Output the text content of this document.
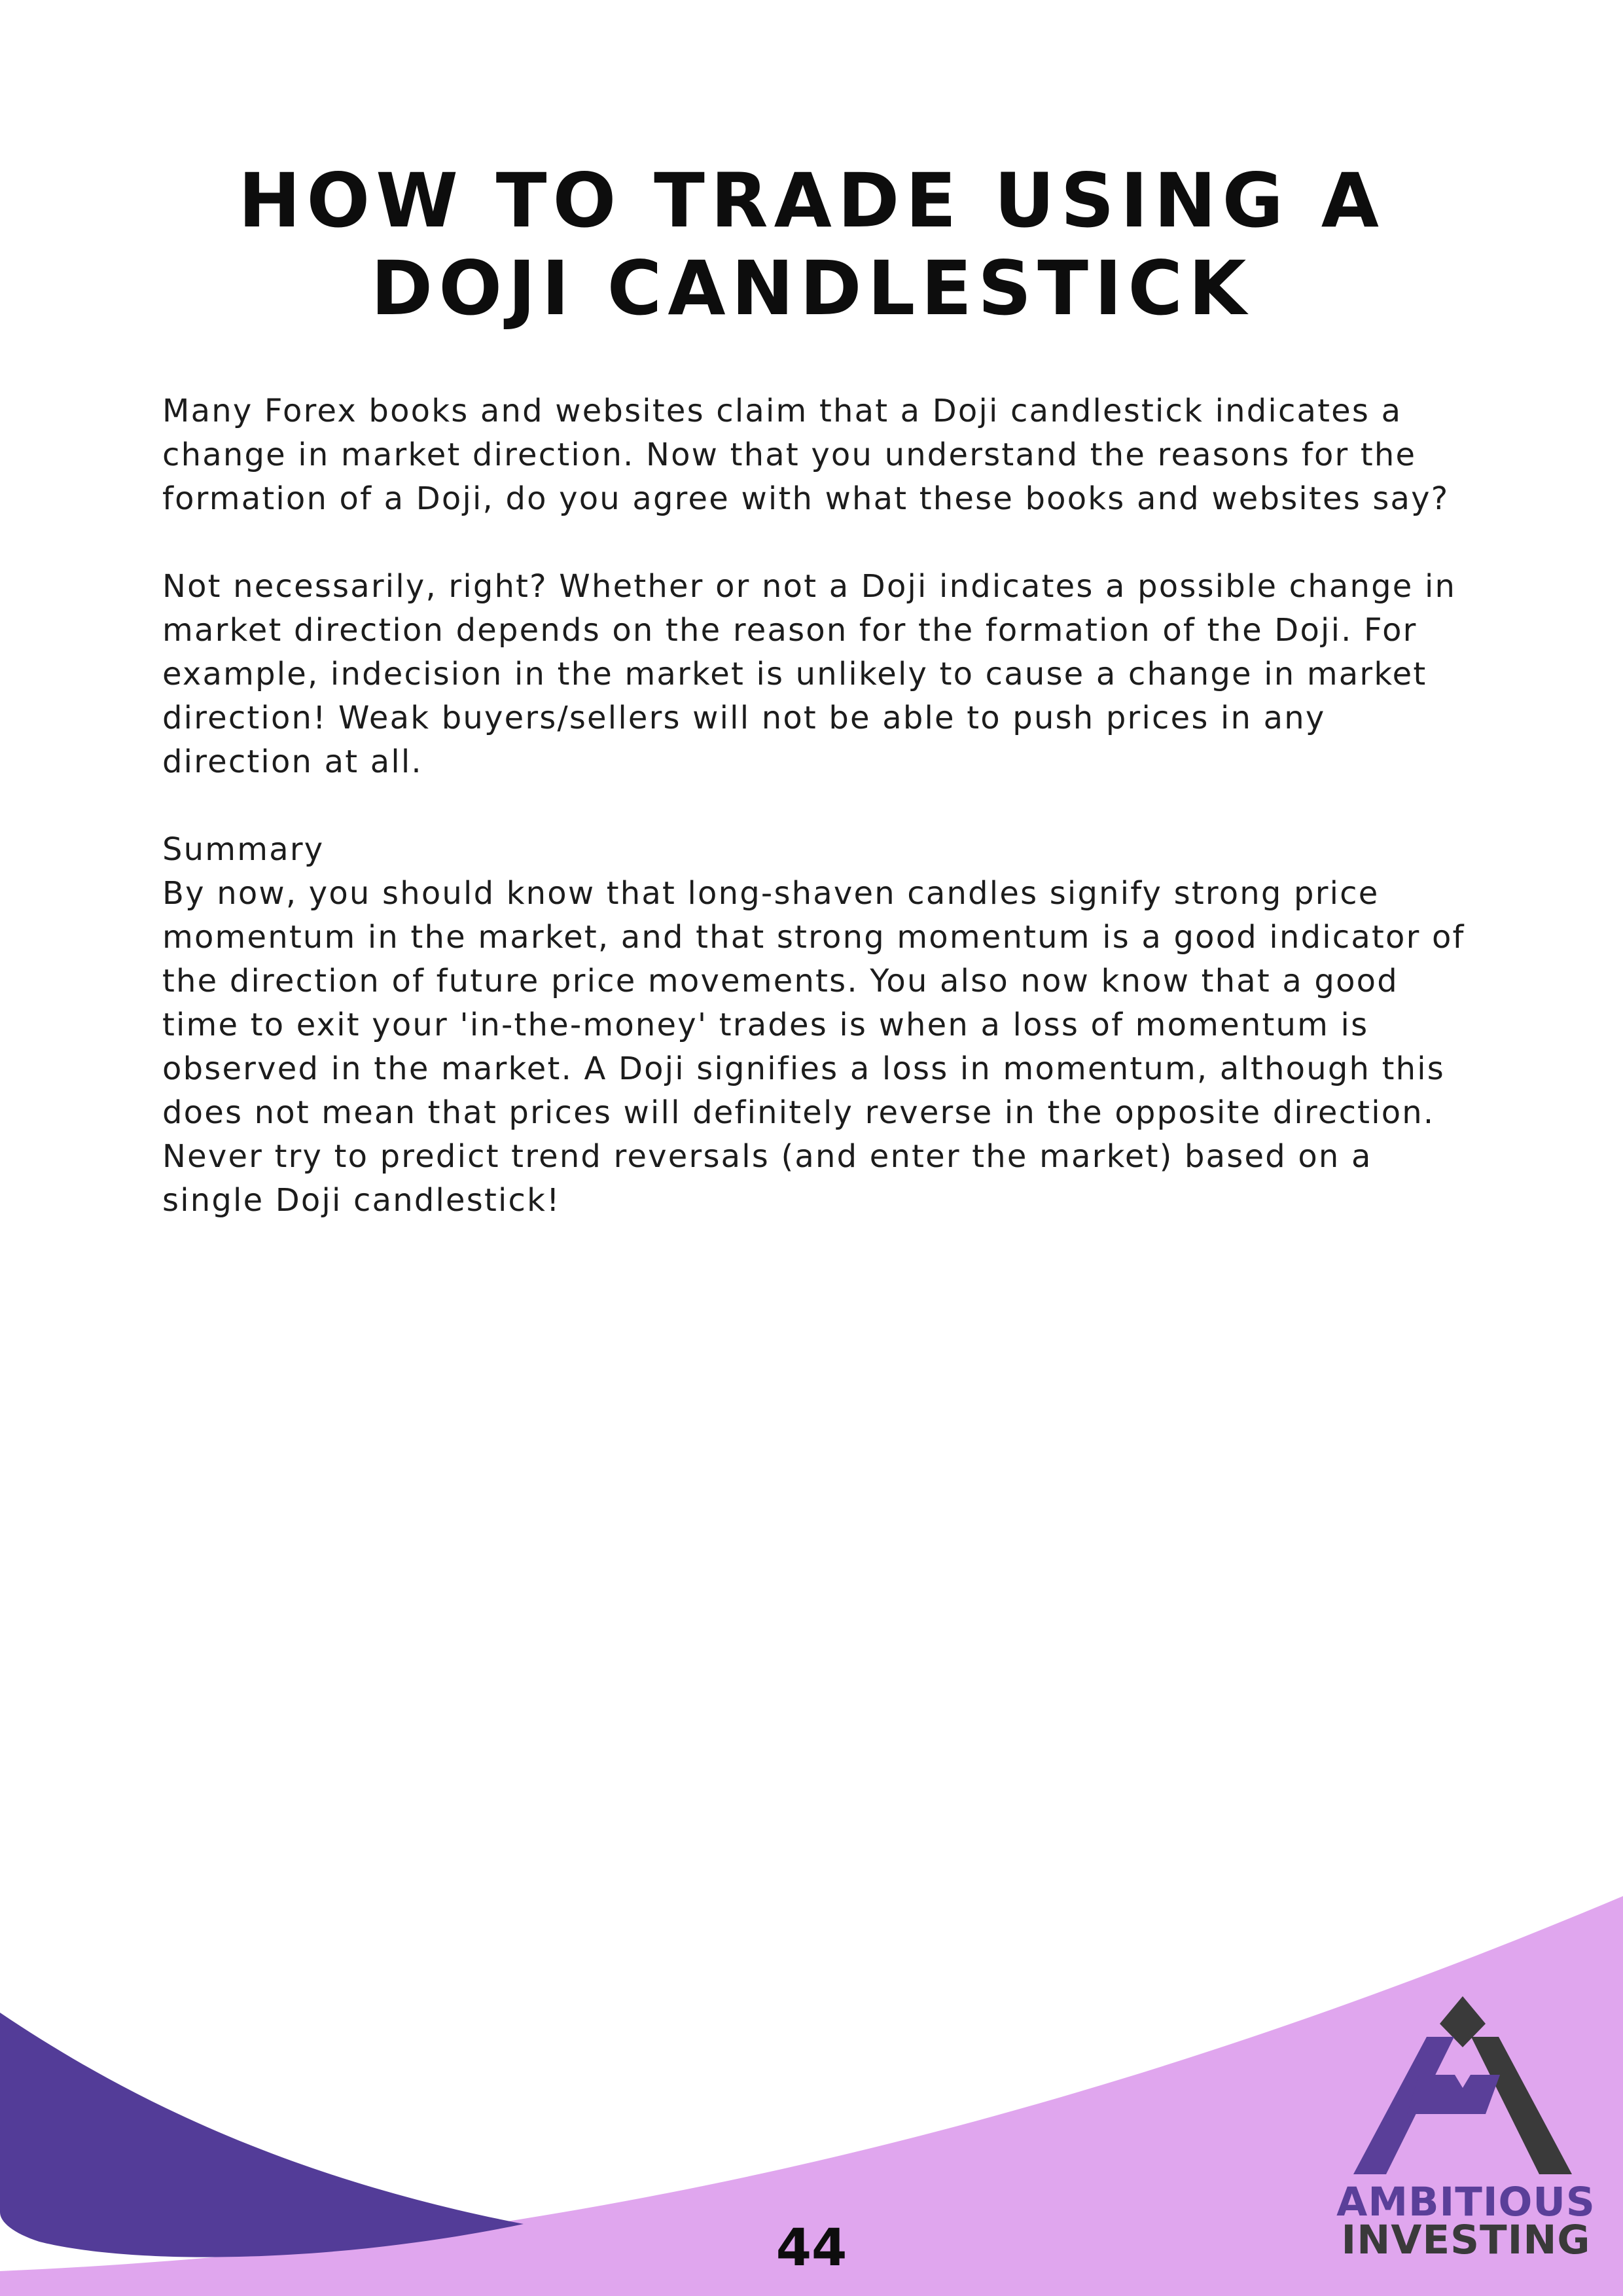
HOW TO TRADE USING A DOJI CANDLESTICK

Many Forex books and websites claim that a Doji candlestick indicates a change in market direction. Now that you understand the reasons for the formation of a Doji, do you agree with what these books and websites say?

Not necessarily, right? Whether or not a Doji indicates a possible change in market direction depends on the reason for the formation of the Doji. For example, indecision in the market is unlikely to cause a change in market direction! Weak buyers/sellers will not be able to push prices in any direction at all.

Summary

By now, you should know that long-shaven candles signify strong price momentum in the market, and that strong momentum is a good indicator of the direction of future price movements. You also now know that a good time to exit your 'in-the-money' trades is when a loss of momentum is observed in the market. A Doji signifies a loss in momentum, although this does not mean that prices will definitely reverse in the opposite direction. Never try to predict trend reversals (and enter the market) based on a single Doji candlestick!

44
AMBITIOUS
INVESTING
